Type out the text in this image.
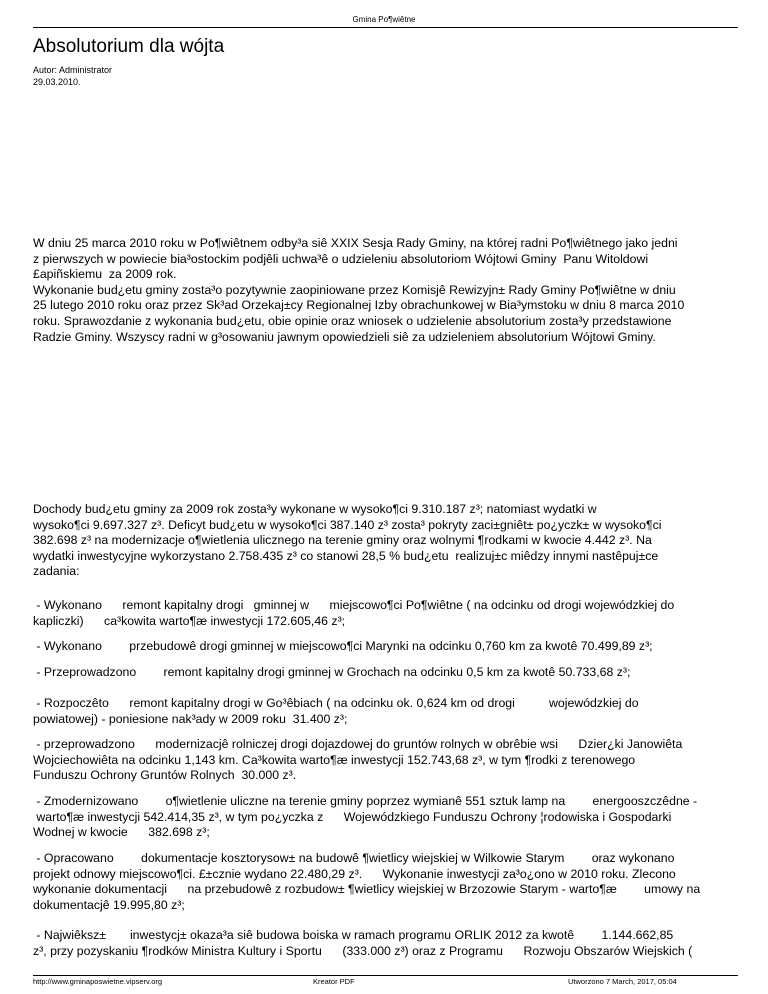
Gmina Po¶wiêtne
Absolutorium dla wójta
Autor: Administrator
29.03.2010.
W dniu 25 marca 2010 roku w Po¶wiêtnem odby³a siê XXIX Sesja Rady Gminy, na której radni Po¶wiêtnego jako jedni
z pierwszych w powiecie bia³ostockim podjêli uchwa³ê o udzieleniu absolutoriom Wójtowi Gminy  Panu Witoldowi
£apiñskiemu  za 2009 rok.
Wykonanie bud¿etu gminy zosta³o pozytywnie zaopiniowane przez Komisjê Rewizyjn± Rady Gminy Po¶wiêtne w dniu
25 lutego 2010 roku oraz przez Sk³ad Orzekaj±cy Regionalnej Izby obrachunkowej w Bia³ymstoku w dniu 8 marca 2010
roku. Sprawozdanie z wykonania bud¿etu, obie opinie oraz wniosek o udzielenie absolutorium zosta³y przedstawione
Radzie Gminy. Wszyscy radni w g³osowaniu jawnym opowiedzieli siê za udzieleniem absolutorium Wójtowi Gminy.
Dochody bud¿etu gminy za 2009 rok zosta³y wykonane w wysoko¶ci 9.310.187 z³; natomiast wydatki w
wysoko¶ci 9.697.327 z³. Deficyt bud¿etu w wysoko¶ci 387.140 z³ zosta³ pokryty zaci±gniêt± po¿yczk± w wysoko¶ci
382.698 z³ na modernizacje o¶wietlenia ulicznego na terenie gminy oraz wolnymi ¶rodkami w kwocie 4.442 z³. Na
wydatki inwestycyjne wykorzystano 2.758.435 z³ co stanowi 28,5 % bud¿etu  realizuj±c miêdzy innymi nastêpuj±ce
zadania:
- Wykonano      remont kapitalny drogi   gminnej w      miejscowo¶ci Po¶wiêtne ( na odcinku od drogi wojewódzkiej do
kapliczki)      ca³kowita warto¶æ inwestycji 172.605,46 z³;
- Wykonano        przebudowê drogi gminnej w miejscowo¶ci Marynki na odcinku 0,760 km za kwotê 70.499,89 z³;
- Przeprowadzono        remont kapitalny drogi gminnej w Grochach na odcinku 0,5 km za kwotê 50.733,68 z³;
- Rozpoczêto      remont kapitalny drogi w Go³êbiach ( na odcinku ok. 0,624 km od drogi          wojewódzkiej do
powiatowej) - poniesione nak³ady w 2009 roku  31.400 z³;
- przeprowadzono      modernizacjê rolniczej drogi dojazdowej do gruntów rolnych w obrêbie wsi      Dzier¿ki Janowiêta
Wojciechowiêta na odcinku 1,143 km. Ca³kowita warto¶æ inwestycji 152.743,68 z³, w tym ¶rodki z terenowego
Funduszu Ochrony Gruntów Rolnych  30.000 z³.
- Zmodernizowano        o¶wietlenie uliczne na terenie gminy poprzez wymianê 551 sztuk lamp na        energooszczêdne -
warto¶æ inwestycji 542.414,35 z³, w tym po¿yczka z      Wojewódzkiego Funduszu Ochrony ¦rodowiska i Gospodarki
Wodnej w kwocie      382.698 z³;
- Opracowano        dokumentacje kosztorysow± na budowê ¶wietlicy wiejskiej w Wilkowie Starym        oraz wykonano
projekt odnowy miejscowo¶ci. £±cznie wydano 22.480,29 z³.      Wykonanie inwestycji za³o¿ono w 2010 roku. Zlecono
wykonanie dokumentacji      na przebudowê z rozbudow± ¶wietlicy wiejskiej w Brzozowie Starym - warto¶æ        umowy na
dokumentacjê 19.995,80 z³;
- Najwiêksz±       inwestycj± okaza³a siê budowa boiska w ramach programu ORLIK 2012 za kwotê        1.144.662,85
z³, przy pozyskaniu ¶rodków Ministra Kultury i Sportu      (333.000 z³) oraz z Programu      Rozwoju Obszarów Wiejskich (
http://www.gminaposwietne.vipserv.org	Kreator PDF	Utworzono 7 March, 2017, 05:04
